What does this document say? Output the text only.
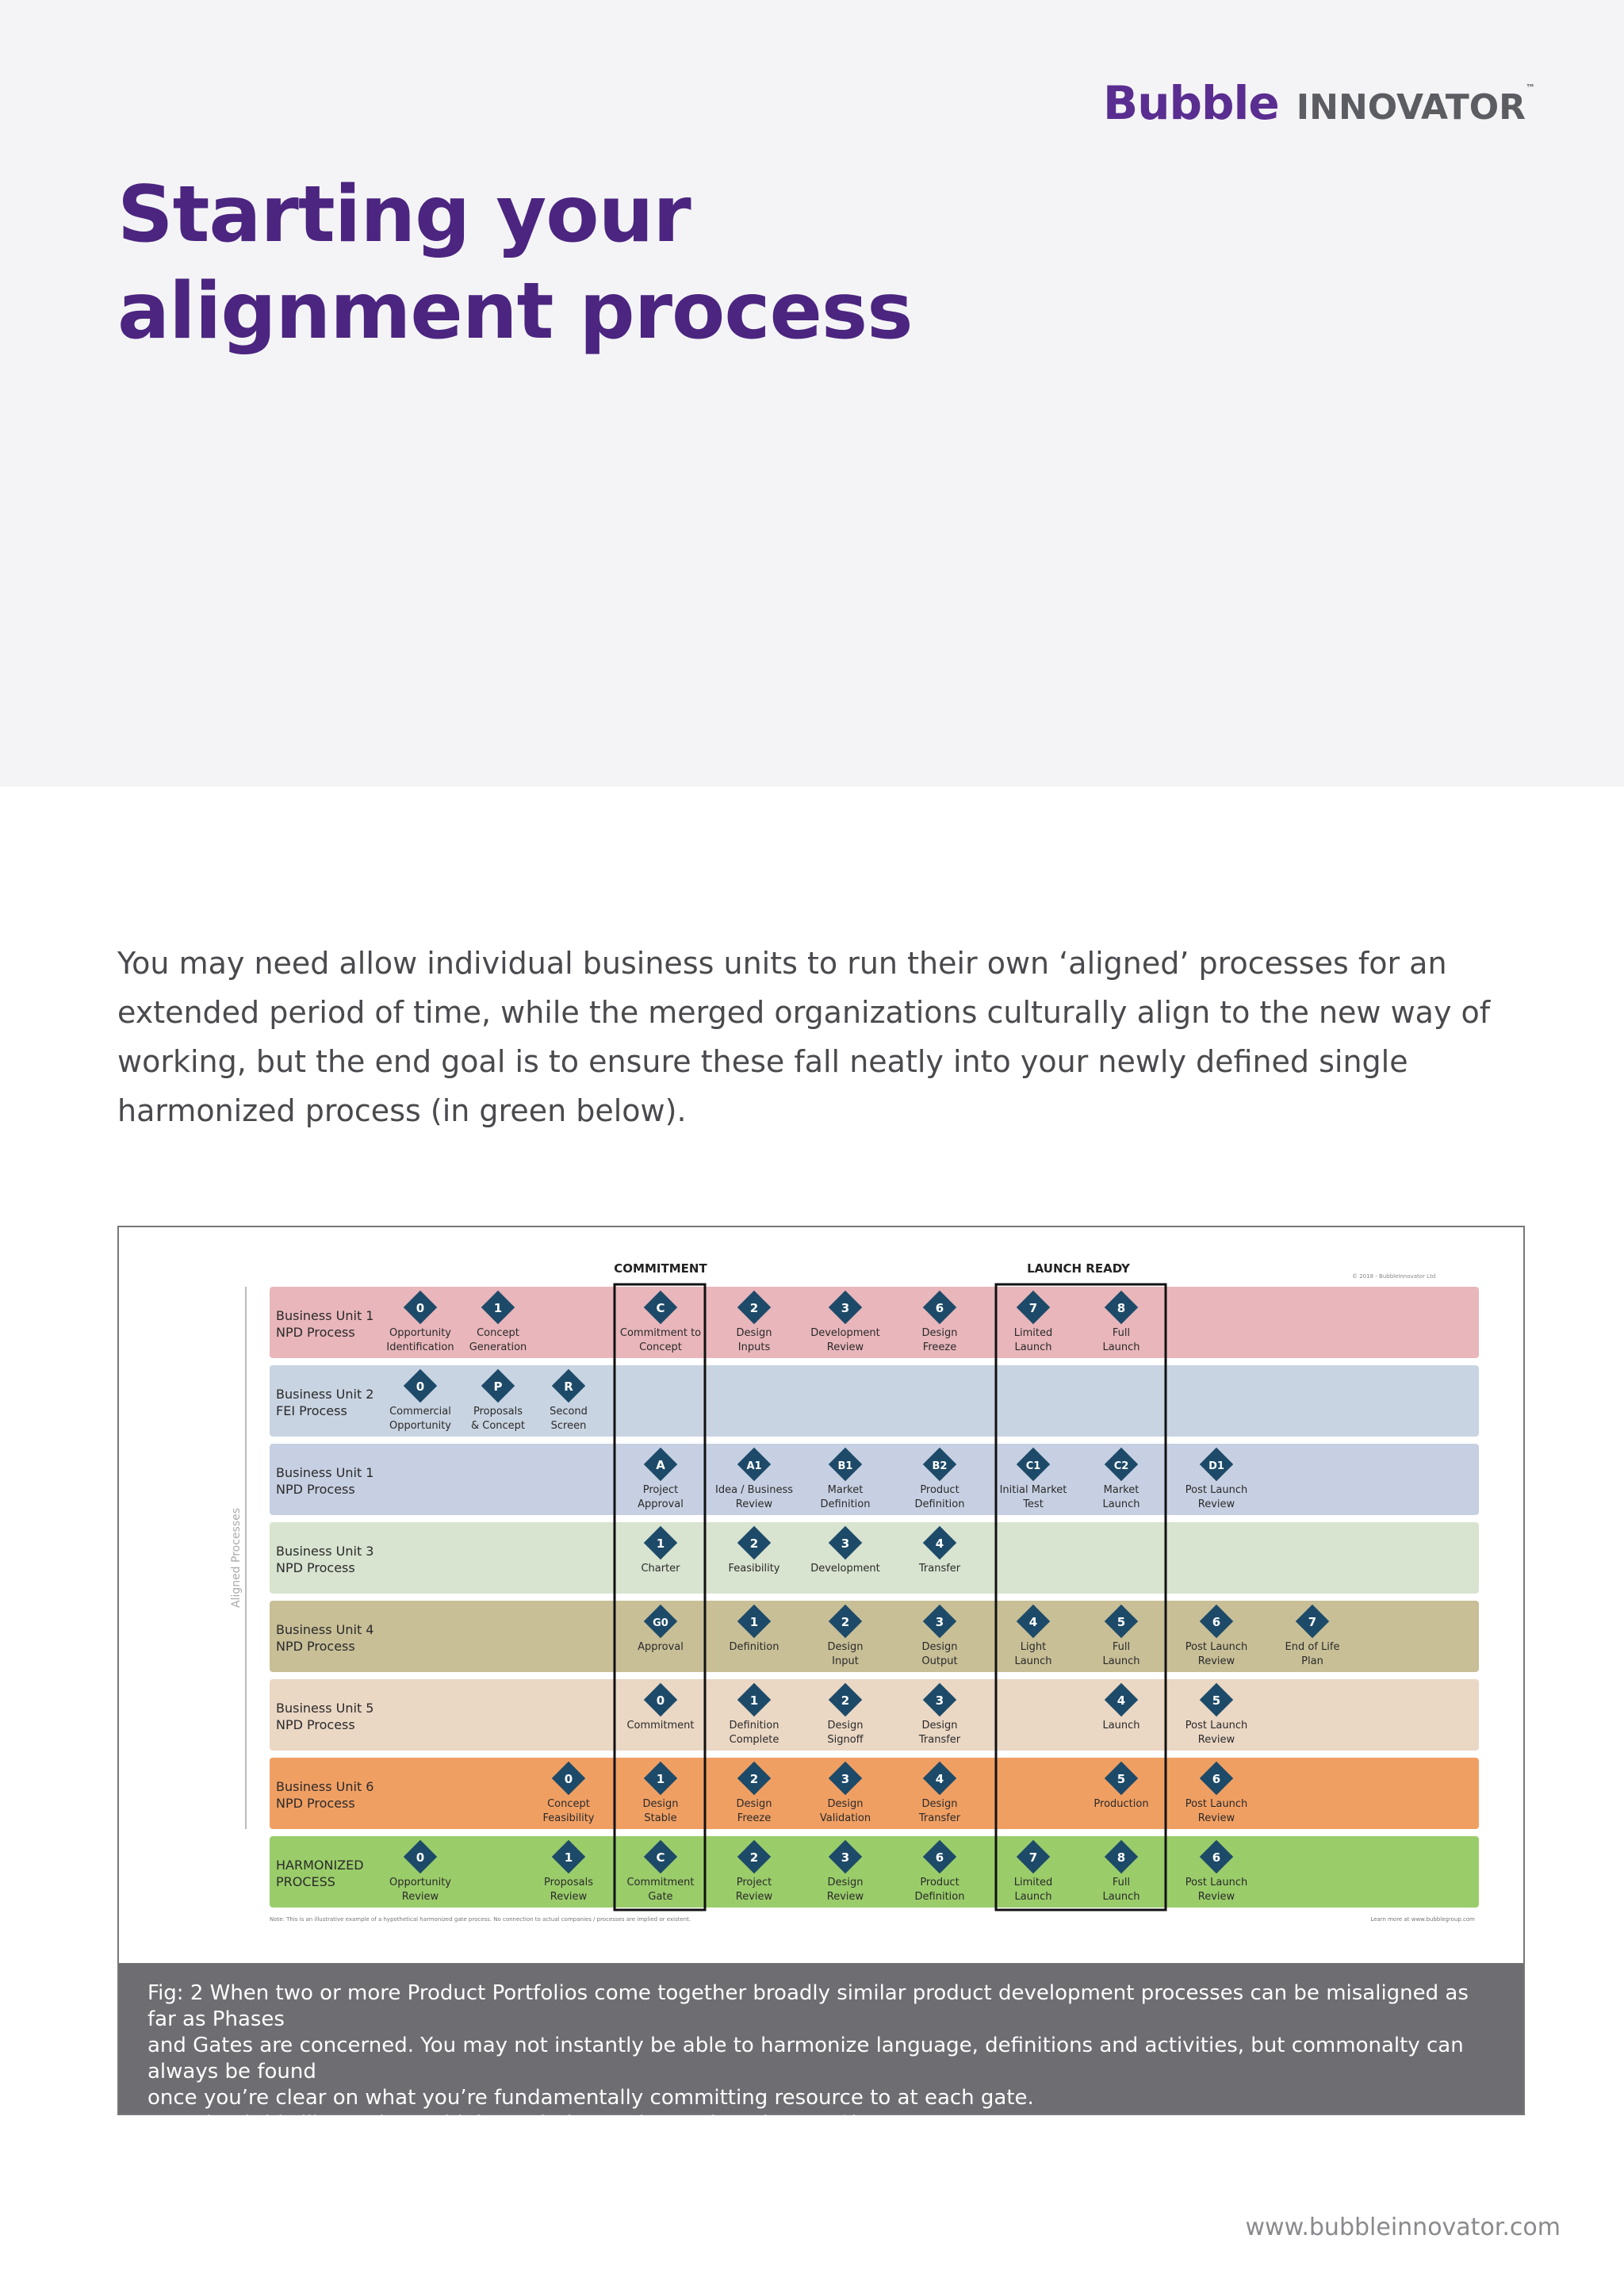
Bubble INNOVATOR™
Starting your
alignment process
You may need allow individual business units to run their own ‘aligned’ processes for an extended period of time, while the merged organizations culturally align to the new way of working, but the end goal is to ensure these fall neatly into your newly defined single harmonized process (in green below).
COMMITMENT	LAUNCH READY
© 2018 - BubbleInnovator Ltd
Aligned Processes
Business Unit 1
NPD Process
0
Opportunity
Identification
1
Concept
Generation
C
Commitment to
Concept
2
Design
Inputs
3
Development
Review
6
Design
Freeze
7
Limited
Launch
8
Full
Launch
Business Unit 2
FEI Process
0
Commercial
Opportunity
P
Proposals
& Concept
R
Second
Screen
Business Unit 1
NPD Process
A
Project
Approval
A1
Idea / Business
Review
B1
Market
Definition
B2
Product
Definition
C1
Initial Market
Test
C2
Market
Launch
D1
Post Launch
Review
Business Unit 3
NPD Process
1
Charter
2
Feasibility
3
Development
4
Transfer
Business Unit 4
NPD Process
G0
Approval
1
Definition
2
Design
Input
3
Design
Output
4
Light
Launch
5
Full
Launch
6
Post Launch
Review
7
End of Life
Plan
Business Unit 5
NPD Process
0
Commitment
1
Definition
Complete
2
Design
Signoff
3
Design
Transfer
4
Launch
5
Post Launch
Review
Business Unit 6
NPD Process
0
Concept
Feasibility
1
Design
Stable
2
Design
Freeze
3
Design
Validation
4
Design
Transfer
5
Production
6
Post Launch
Review
HARMONIZED
PROCESS
0
Opportunity
Review
1
Proposals
Review
C
Commitment
Gate
2
Project
Review
3
Design
Review
6
Product
Definition
7
Limited
Launch
8
Full
Launch
6
Post Launch
Review
Note: This is an illustrative example of a hypothetical harmonized gate process. No connection to actual companies / processes are implied or existent.	Learn more at www.bubblegroup.com
Fig: 2 When two or more Product Portfolios come together broadly similar product development processes can be misaligned as far as Phases
and Gates are concerned. You may not instantly be able to harmonize language, definitions and activities, but commonalty can always be found
once you’re clear on what you’re fundamentally committing resource to at each gate.
Download this illustration at high resolution at: http://tinyurl.com/y8lsa7g5
www.bubbleinnovator.com
